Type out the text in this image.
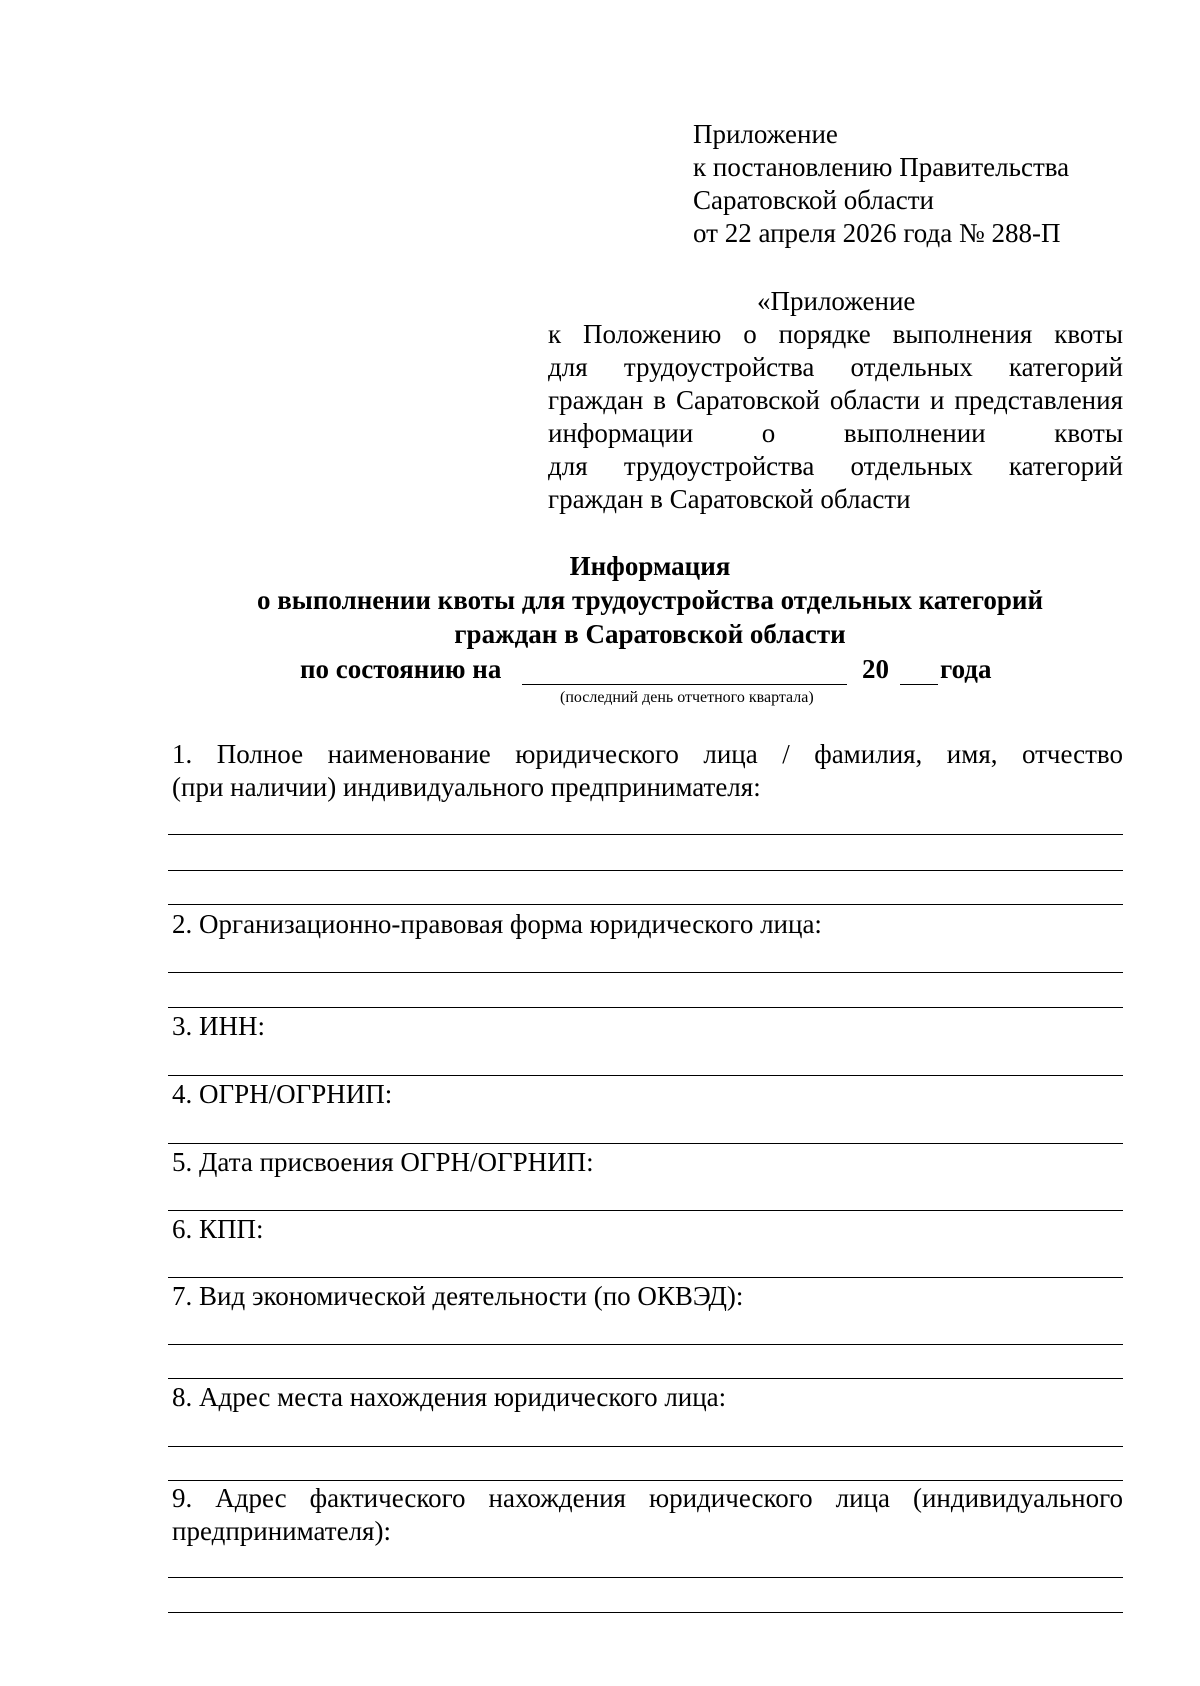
Приложение
к постановлению Правительства
Саратовской области
от 22 апреля 2026 года № 288-П
«Приложение
к Положению о порядке выполнения квоты
для трудоустройства отдельных категорий
граждан в Саратовской области и представления
информации о выполнении квоты
для трудоустройства отдельных категорий
граждан в Саратовской области
Информация
о выполнении квоты для трудоустройства отдельных категорий
граждан в Саратовской области
по состоянию на	20 года
(последний день отчетного квартала)
1. Полное наименование юридического лица / фамилия, имя, отчество
(при наличии) индивидуального предпринимателя:
2. Организационно-правовая форма юридического лица:
3. ИНН:
4. ОГРН/ОГРНИП:
5. Дата присвоения ОГРН/ОГРНИП:
6. КПП:
7. Вид экономической деятельности (по ОКВЭД):
8. Адрес места нахождения юридического лица:
9. Адрес фактического нахождения юридического лица (индивидуального
предпринимателя):
